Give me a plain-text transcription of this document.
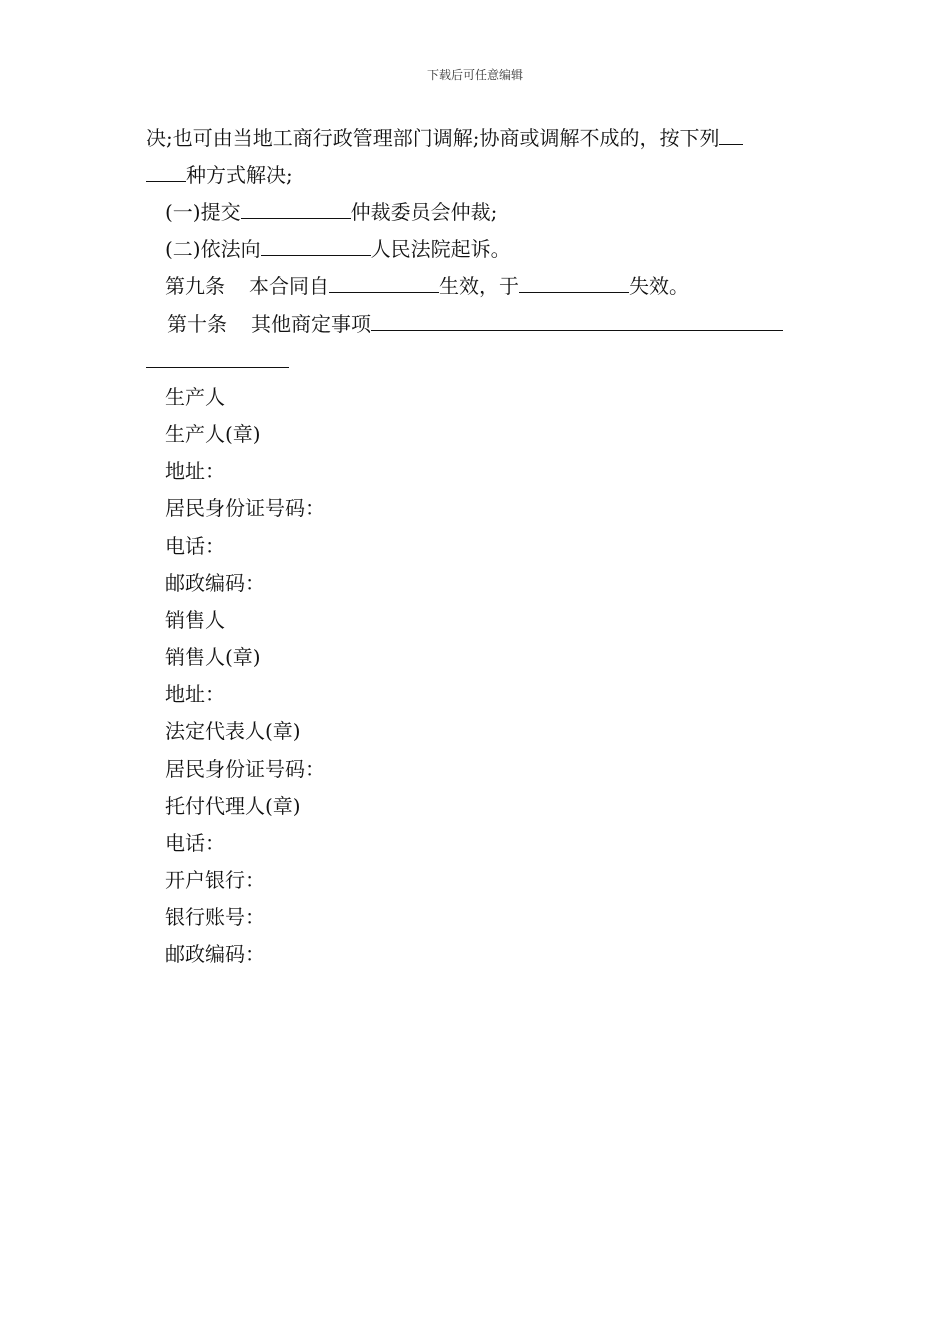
下载后可任意编辑
决;也可由当地工商行政管理部门调解;协商或调解不成的，按下列
种方式解决;
(一)提交	仲裁委员会仲裁;
(二)依法向	人民法院起诉。
第九条 本合同自	生效，于	失效。
第十条 其他商定事项
生产人
生产人(章)
地址：
居民身份证号码：
电话：
邮政编码：
销售人
销售人(章)
地址：
法定代表人(章)
居民身份证号码：
托付代理人(章)
电话：
开户银行：
银行账号：
邮政编码：
